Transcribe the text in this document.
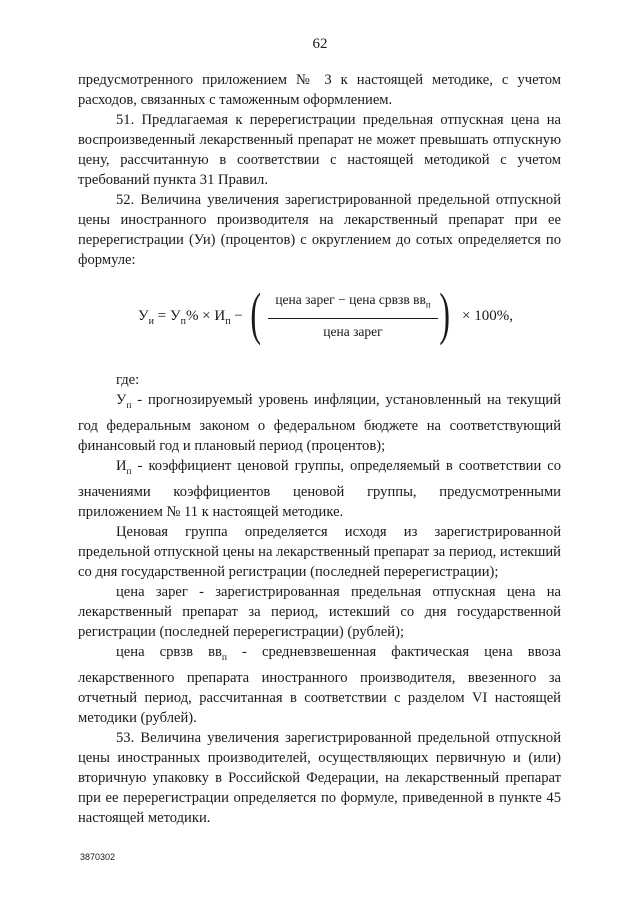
62

предусмотренного приложением № 3 к настоящей методике, с учетом расходов, связанных с таможенным оформлением.

51. Предлагаемая к перерегистрации предельная отпускная цена на воспроизведенный лекарственный препарат не может превышать отпускную цену, рассчитанную в соответствии с настоящей методикой с учетом требований пункта 31 Правил.

52. Величина увеличения зарегистрированной предельной отпускной цены иностранного производителя на лекарственный препарат при ее перерегистрации (Уи) (процентов) с округлением до сотых определяется по формуле:

$У_и = У_п\% \times И_п$ − (	цена зарег − цена срвзв $вв_п$
цена зарег ) × 100%,

где:

$У_п$ - прогнозируемый уровень инфляции, установленный на текущий год федеральным законом о федеральном бюджете на соответствующий финансовый год и плановый период (процентов);

$И_п$ - коэффициент ценовой группы, определяемый в соответствии со значениями коэффициентов ценовой группы, предусмотренными приложением № 11 к настоящей методике.

Ценовая группа определяется исходя из зарегистрированной предельной отпускной цены на лекарственный препарат за период, истекший со дня государственной регистрации (последней перерегистрации);

цена зарег - зарегистрированная предельная отпускная цена на лекарственный препарат за период, истекший со дня государственной регистрации (последней перерегистрации) (рублей);

цена срвзв $вв_п$ - средневзвешенная фактическая цена ввоза лекарственного препарата иностранного производителя, ввезенного за отчетный период, рассчитанная в соответствии с разделом VI настоящей методики (рублей).

53. Величина увеличения зарегистрированной предельной отпускной цены иностранных производителей, осуществляющих первичную и (или) вторичную упаковку в Российской Федерации, на лекарственный препарат при ее перерегистрации определяется по формуле, приведенной в пункте 45 настоящей методики.

3870302
